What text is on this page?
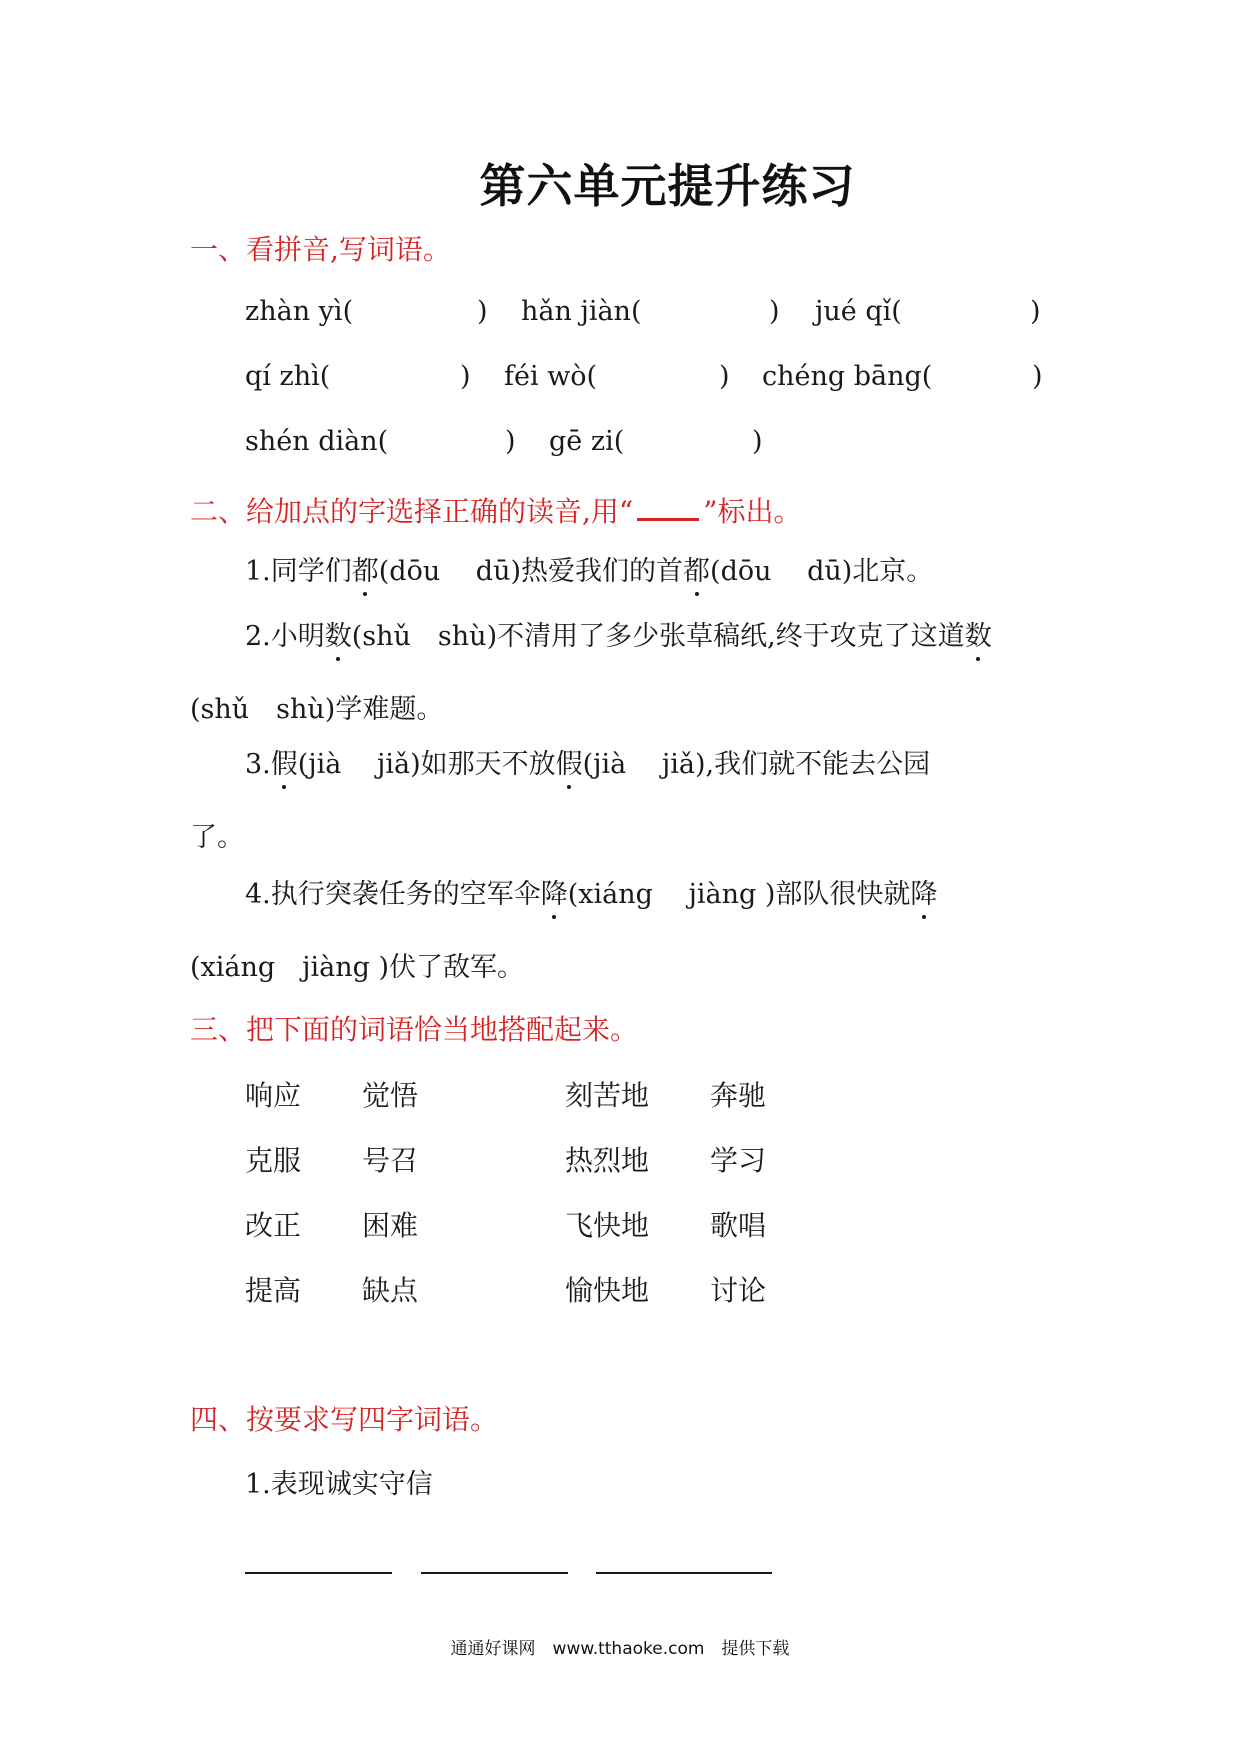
第六单元提升练习
一、看拼音,写词语。
zhàn yì(	) hǎn jiàn(	) jué qǐ(	)
qí zhì(	) féi wò(	) chéng bāng(	)
shén diàn(	) gē zi(	)
二、给加点的字选择正确的读音,用“	”标出。
1.同学们都(dōu　 dū)热爱我们的首都(dōu　 dū)北京。
2.小明数(shǔ　shù)不清用了多少张草稿纸,终于攻克了这道数
(shǔ　shù)学难题。
3.假(jià　 jiǎ)如那天不放假(jià　 jiǎ),我们就不能去公园
了。
4.执行突袭任务的空军伞降(xiáng　 jiàng )部队很快就降
(xiáng　jiàng )伏了敌军。
三、把下面的词语恰当地搭配起来。
响应 觉悟	刻苦地 奔驰
克服 号召	热烈地 学习
改正 困难	飞快地 歌唱
提高 缺点	愉快地 讨论
四、按要求写四字词语。
1.表现诚实守信
通通好课网　www.tthaoke.com　提供下载
